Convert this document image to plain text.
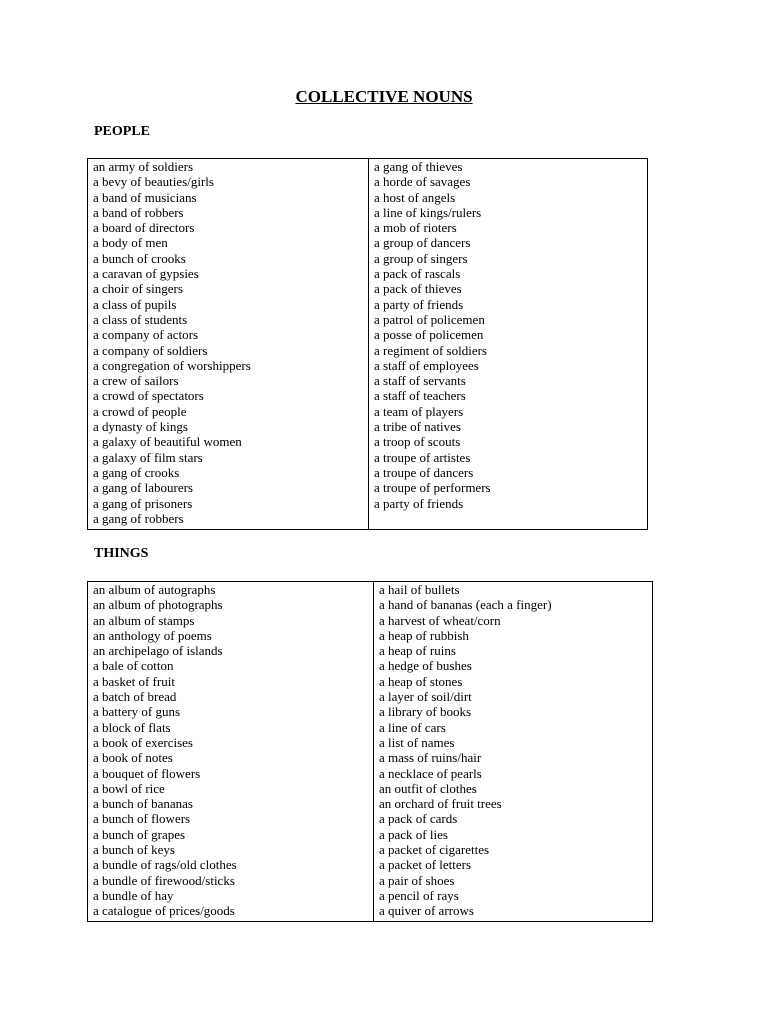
COLLECTIVE NOUNS
PEOPLE
an army of soldiers
a bevy of beauties/girls
a band of musicians
a band of robbers
a board of directors
a body of men
a bunch of crooks
a caravan of gypsies
a choir of singers
a class of pupils
a class of students
a company of actors
a company of soldiers
a congregation of worshippers
a crew of sailors
a crowd of spectators
a crowd of people
a dynasty of kings
a galaxy of beautiful women
a galaxy of film stars
a gang of crooks
a gang of labourers
a gang of prisoners
a gang of robbers
a gang of thieves
a horde of savages
a host of angels
a line of kings/rulers
a mob of rioters
a group of dancers
a group of singers
a pack of rascals
a pack of thieves
a party of friends
a patrol of policemen
a posse of policemen
a regiment of soldiers
a staff of employees
a staff of servants
a staff of teachers
a team of players
a tribe of natives
a troop of scouts
a troupe of artistes
a troupe of dancers
a troupe of performers
a party of friends
THINGS
an album of autographs
an album of photographs
an album of stamps
an anthology of poems
an archipelago of islands
a bale of cotton
a basket of fruit
a batch of bread
a battery of guns
a block of flats
a book of exercises
a book of notes
a bouquet of flowers
a bowl of rice
a bunch of bananas
a bunch of flowers
a bunch of grapes
a bunch of keys
a bundle of rags/old clothes
a bundle of firewood/sticks
a bundle of hay
a catalogue of prices/goods
a hail of bullets
a hand of bananas (each a finger)
a harvest of wheat/corn
a heap of rubbish
a heap of ruins
a hedge of bushes
a heap of stones
a layer of soil/dirt
a library of books
a line of cars
a list of names
a mass of ruins/hair
a necklace of pearls
an outfit of clothes
an orchard of fruit trees
a pack of cards
a pack of lies
a packet of cigarettes
a packet of letters
a pair of shoes
a pencil of rays
a quiver of arrows
